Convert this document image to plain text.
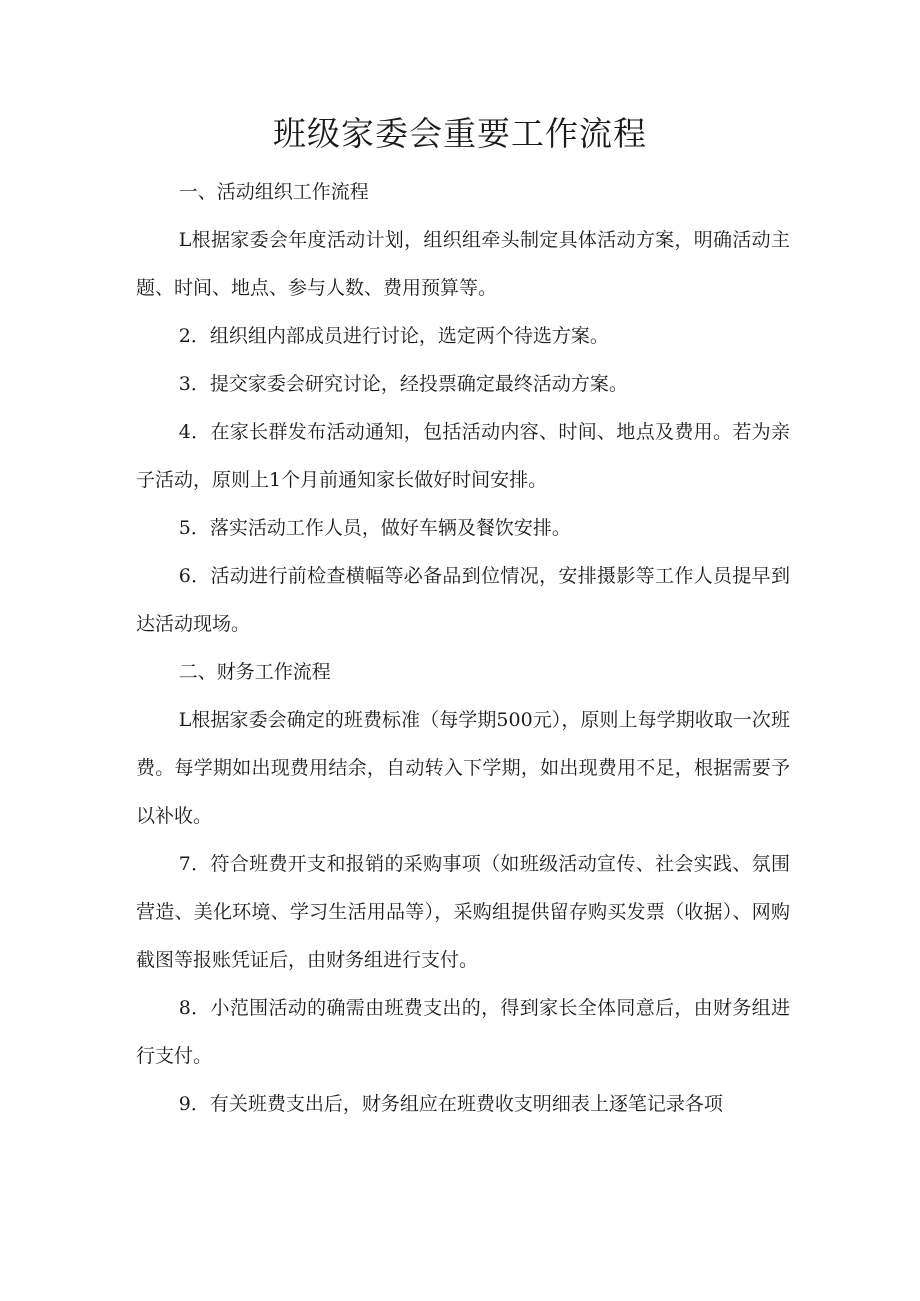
班级家委会重要工作流程

一、活动组织工作流程

L根据家委会年度活动计划，组织组牵头制定具体活动方案，明确活动主题、时间、地点、参与人数、费用预算等。

2．组织组内部成员进行讨论，选定两个待选方案。

3．提交家委会研究讨论，经投票确定最终活动方案。

4．在家长群发布活动通知，包括活动内容、时间、地点及费用。若为亲子活动，原则上1个月前通知家长做好时间安排。

5．落实活动工作人员，做好车辆及餐饮安排。

6．活动进行前检查横幅等必备品到位情况，安排摄影等工作人员提早到达活动现场。

二、财务工作流程

L根据家委会确定的班费标准（每学期500元），原则上每学期收取一次班费。每学期如出现费用结余，自动转入下学期，如出现费用不足，根据需要予以补收。

7．符合班费开支和报销的采购事项（如班级活动宣传、社会实践、氛围营造、美化环境、学习生活用品等），采购组提供留存购买发票（收据）、网购截图等报账凭证后，由财务组进行支付。

8．小范围活动的确需由班费支出的，得到家长全体同意后，由财务组进行支付。

9．有关班费支出后，财务组应在班费收支明细表上逐笔记录各项
